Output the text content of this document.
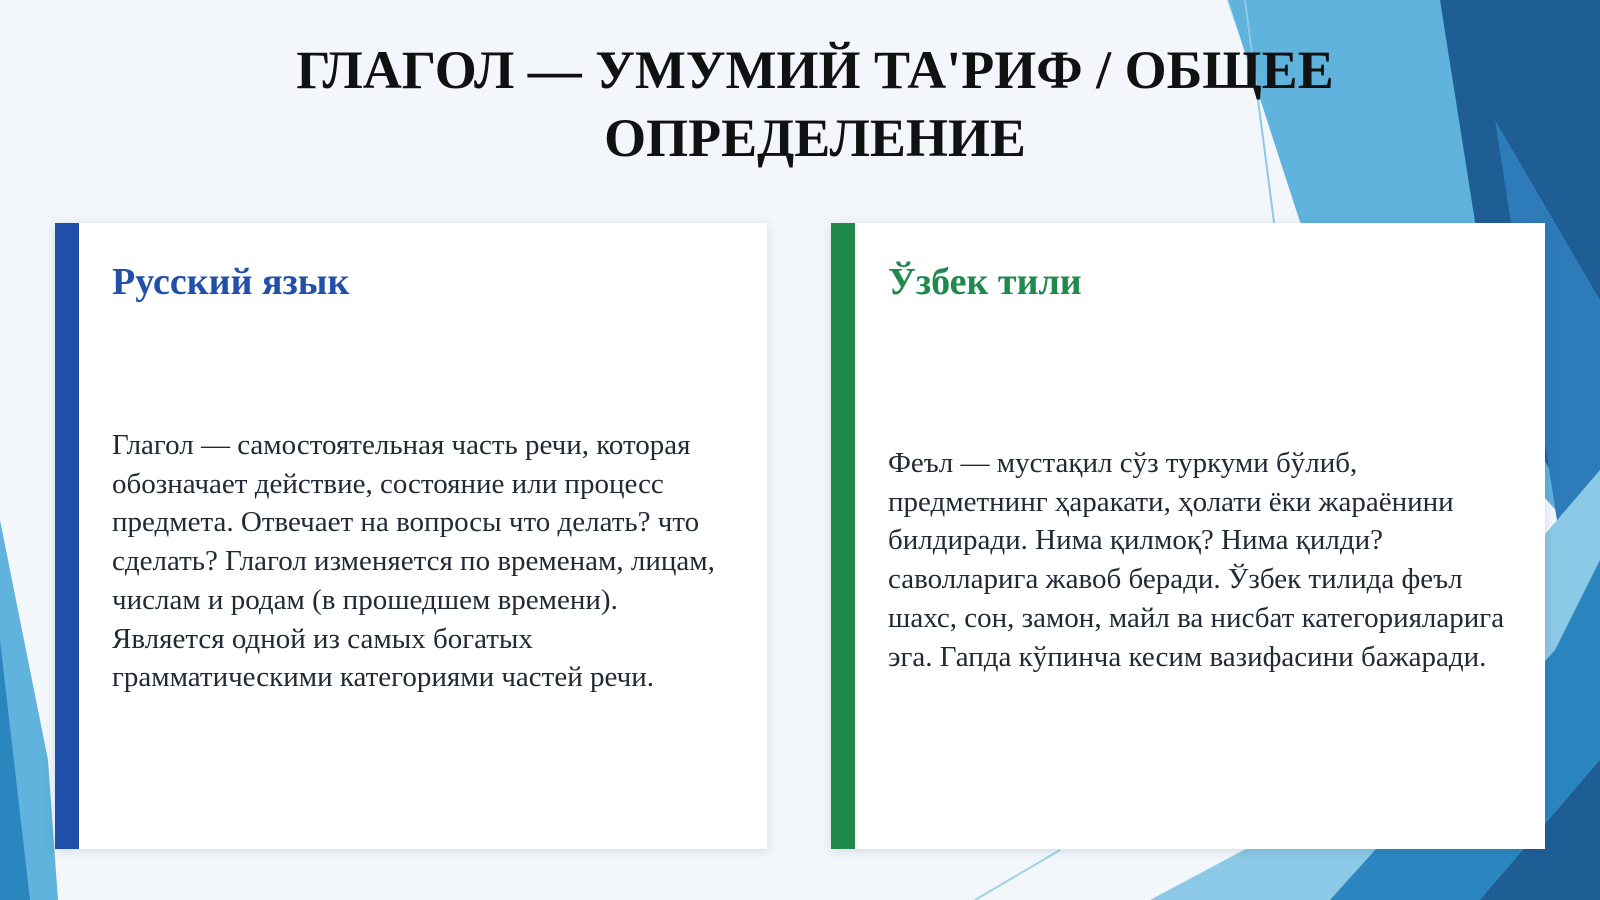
ГЛАГОЛ — УМУМИЙ ТА'РИФ / ОБЩЕЕ ОПРЕДЕЛЕНИЕ
Русский язык

Глагол — самостоятельная часть речи, которая обозначает действие, состояние или процесс предмета. Отвечает на вопросы что делать? что сделать? Глагол изменяется по временам, лицам, числам и родам (в прошедшем времени). Является одной из самых богатых грамматическими категориями частей речи.

Ўзбек тили

Феъл — мустақил сўз туркуми бўлиб, предметнинг ҳаракати, ҳолати ёки жараёнини билдиради. Нима қилмоқ? Нима қилди? саволларига жавоб беради. Ўзбек тилида феъл шахс, сон, замон, майл ва нисбат категорияларига эга. Гапда кўпинча кесим вазифасини бажаради.
